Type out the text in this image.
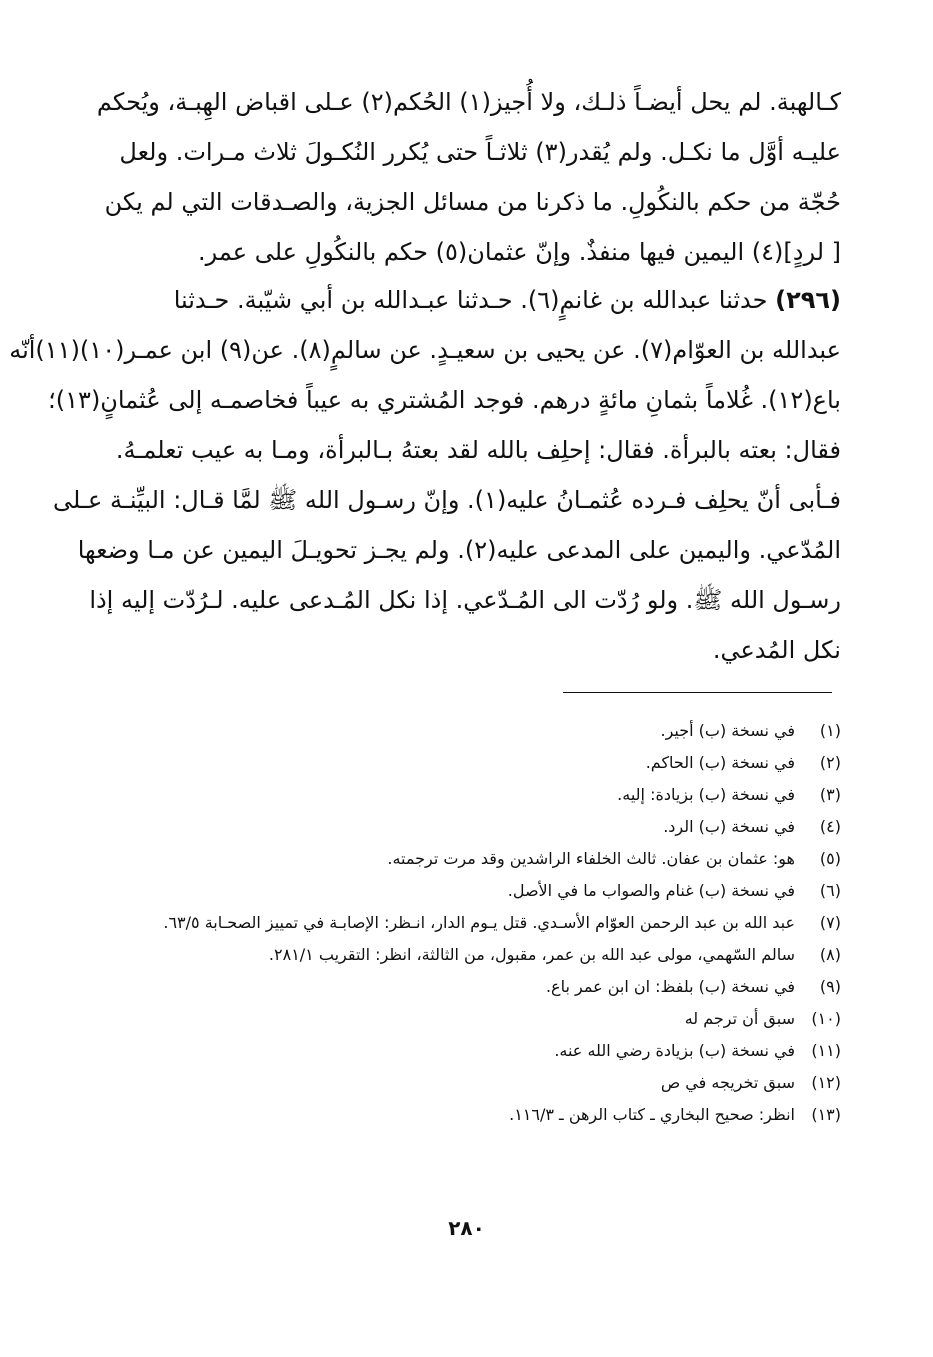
كـالهبة. لم يحل أيضـاً ذلـك، ولا أُجيز(١) الحُكم(٢) عـلى اقباض الهِبـة، ويُحكم
عليـه أوَّل ما نكـل. ولم يُقدر(٣) ثلاثـاً حتى يُكرر النُكـولَ ثلاث مـرات. ولعل
حُجّة من حكم بالنكُولِ. ما ذكرنا من مسائل الجزية، والصـدقات التي لم يكن
[ لردٍ](٤) اليمين فيها منفذٌ. وإنّ عثمان(٥) حكم بالنكُولِ على عمر.
(٢٩٦) حدثنا عبدالله بن غانمٍ(٦). حـدثنا عبـدالله بن أبي شيّبة. حـدثنا
عبدالله بن العوّام(٧). عن يحيى بن سعيـدٍ. عن سالمٍ(٨). عن(٩) ابن عمـر(١٠)(١١)أنّه
باع(١٢). غُلاماً بثمانِ مائةٍ درهم. فوجد المُشتري به عيباً فخاصمـه إلى عُثمانٍ(١٣)؛
فقال: بعته بالبرأة. فقال: إحلِف بالله لقد بعتهُ بـالبرأة، ومـا به عيب تعلمـهُ.
فـأبى أنّ يحلِف فـرده عُثمـانُ عليه(١). وإنّ رسـول الله ﷺ لمَّا قـال: البيِّنـة عـلى
المُدّعي. واليمين على المدعى عليه(٢). ولم يجـز تحويـلَ اليمين عن مـا وضعها
رسـول الله ﷺ. ولو رُدّت الى المُـدّعي. إذا نكل المُـدعى عليه. لـرُدّت إليه إذا
نكل المُدعي.
(١)
في نسخة (ب) أجير.
(٢)
في نسخة (ب) الحاكم.
(٣)
في نسخة (ب) بزيادة: إليه.
(٤)
في نسخة (ب) الرد.
(٥)
هو: عثمان بن عفان. ثالث الخلفاء الراشدين وقد مرت ترجمته.
(٦)
في نسخة (ب) غنام والصواب ما في الأصل.
(٧)
عبد الله بن عبد الرحمن العوّام الأسـدي. قتل يـوم الدار، انـظر: الإصابـة في تمييز الصحـابة ٦٣/٥.
(٨)
سالم السّهمي، مولى عبد الله بن عمر، مقبول، من الثالثة، انظر: التقريب ٢٨١/١.
(٩)
في نسخة (ب) بلفظ: ان ابن عمر باع.
(١٠)
سبق أن ترجم له
(١١)
في نسخة (ب) بزيادة رضي الله عنه.
(١٢)
سبق تخريجه في ص
(١٣)
انظر: صحيح البخاري ـ كتاب الرهن ـ ١١٦/٣.
٢٨٠
